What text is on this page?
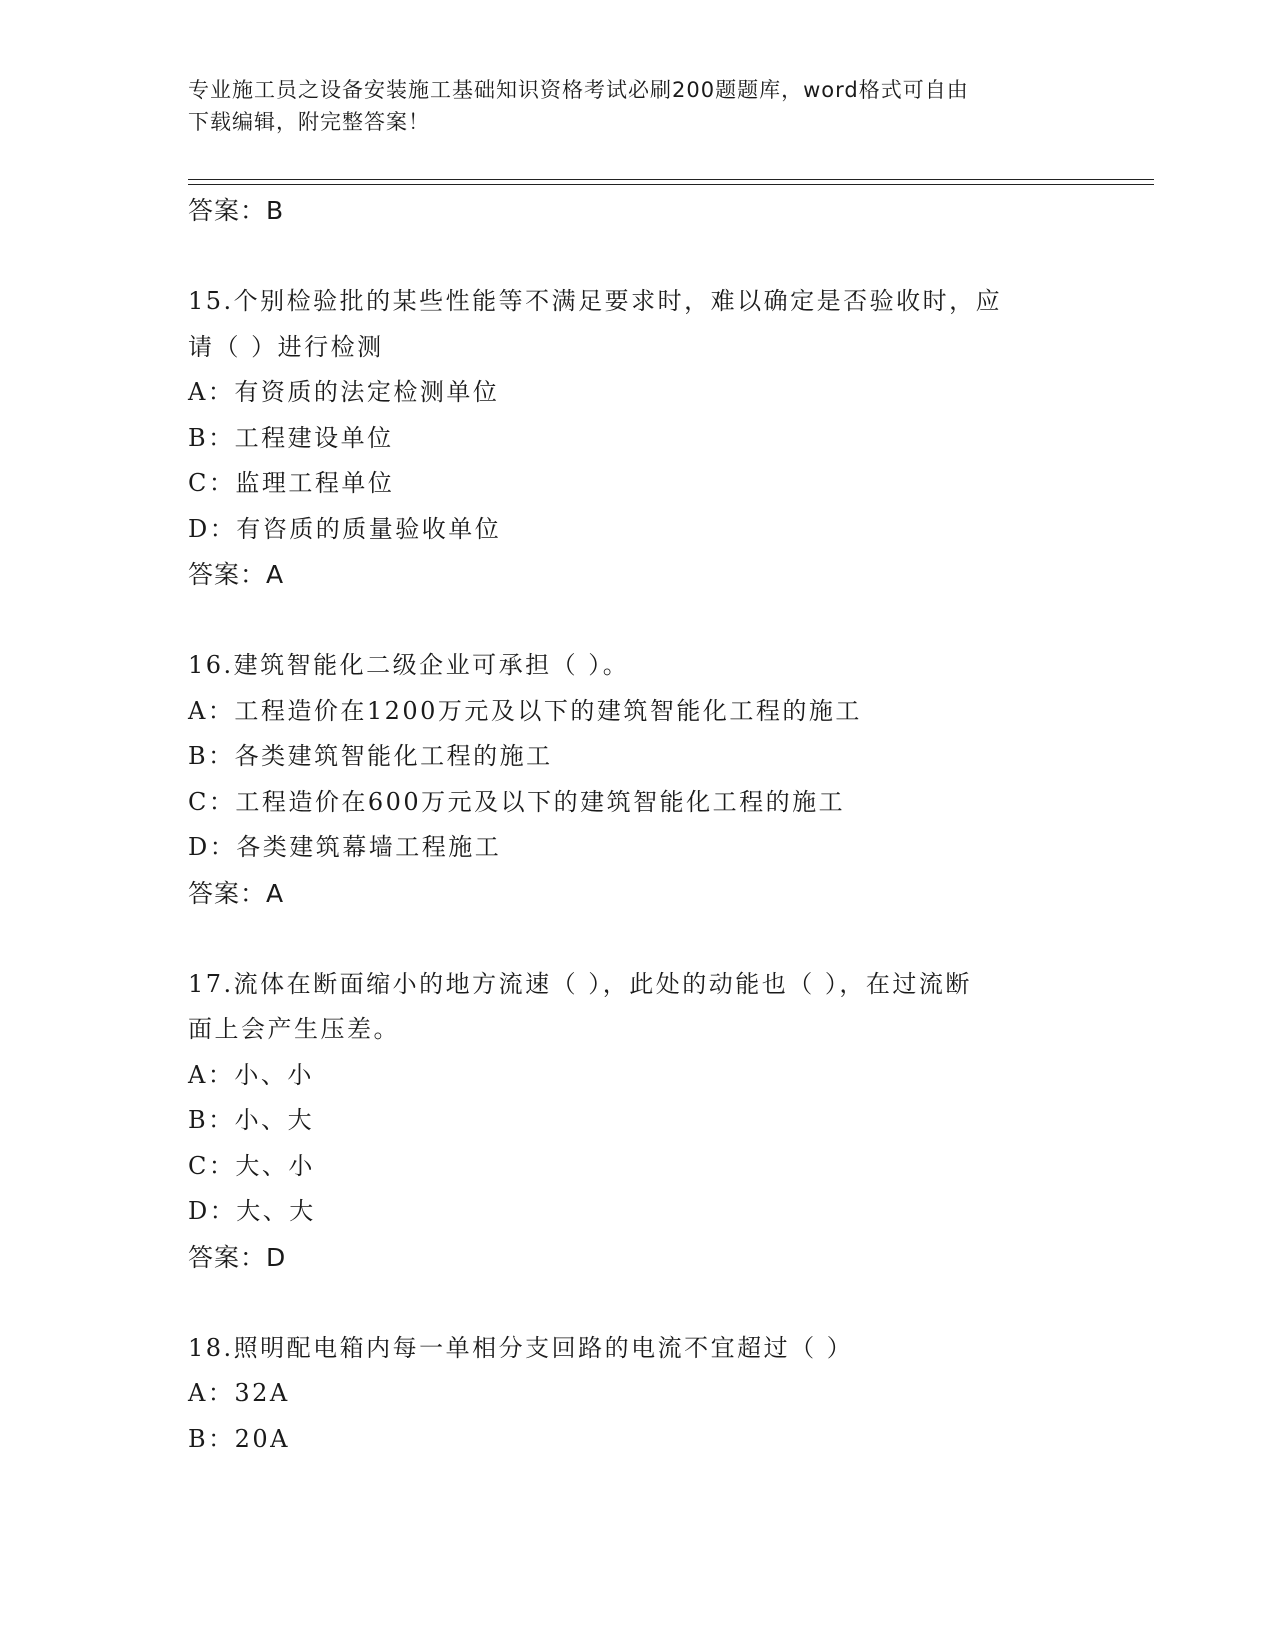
专业施工员之设备安装施工基础知识资格考试必刷200题题库，word格式可自由
下载编辑，附完整答案！
答案：B
15.个别检验批的某些性能等不满足要求时，难以确定是否验收时，应
请（ ）进行检测
A：有资质的法定检测单位
B：工程建设单位
C：监理工程单位
D：有咨质的质量验收单位
答案：A
16.建筑智能化二级企业可承担（ ）。
A：工程造价在1200万元及以下的建筑智能化工程的施工
B：各类建筑智能化工程的施工
C：工程造价在600万元及以下的建筑智能化工程的施工
D：各类建筑幕墙工程施工
答案：A
17.流体在断面缩小的地方流速（ ），此处的动能也（ ），在过流断
面上会产生压差。
A：小、小
B：小、大
C：大、小
D：大、大
答案：D
18.照明配电箱内每一单相分支回路的电流不宜超过（ ）
A：32A
B：20A
